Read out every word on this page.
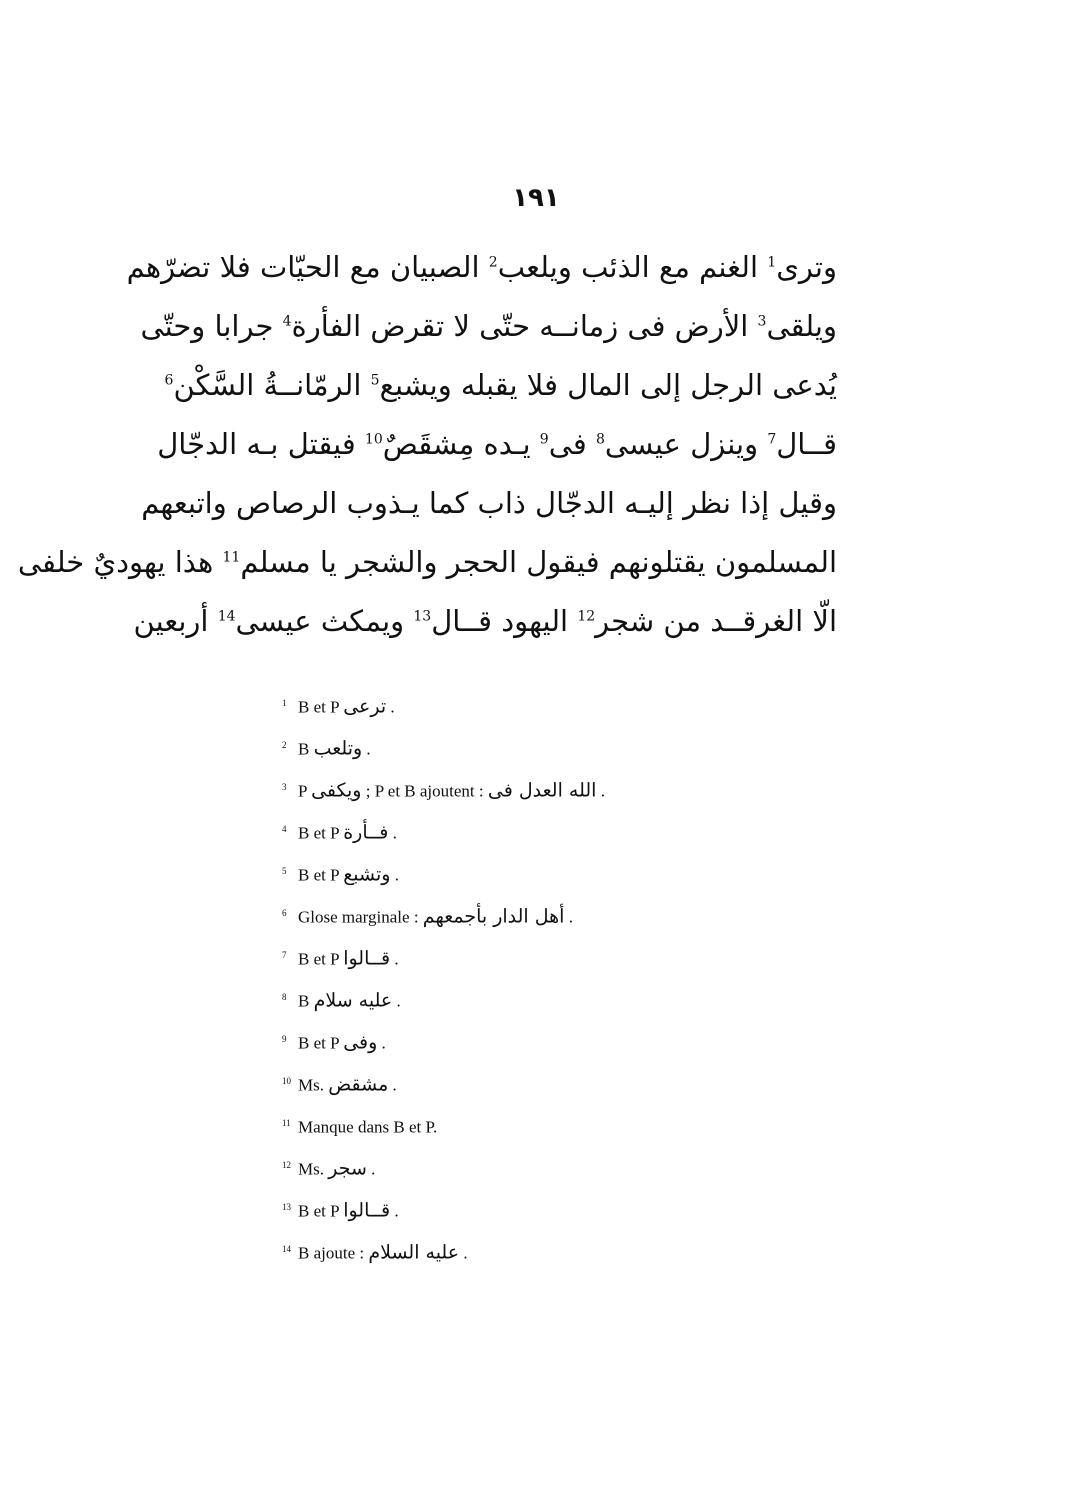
١٩١
وترى$^1$ الغنم مع الذئب ويلعب$^2$ الصبيان مع الحيّات فلا تضرّهم
ويلقى$^3$ الأرض فى زمانــه حتّى لا تقرض الفأرة$^4$ جرابا وحتّى
يُدعى الرجل إلى المال فلا يقبله ويشبع$^5$ الرمّانــةُ السَّكْن$^6$
قــال$^7$ وينزل عيسى$^8$ فى$^9$ يـده مِشقَصٌ$^{10}$ فيقتل بـه الدجّال
وقيل إذا نظر إليـه الدجّال ذاب كما يـذوب الرصاص واتبعهم
المسلمون يقتلونهم فيقول الحجر والشجر يا مسلم$^{11}$ هذا يهوديٌ خلفى
الّا الغرقــد من شجر$^{12}$ اليهود قــال$^{13}$ ويمكث عيسى$^{14}$ أربعين
1 B et P ترعى .
2 B وتلعب .
3 P ويكفى ; P et B ajoutent : الله العدل فى .
4 B et P فــأرة .
5 B et P وتشبع .
6 Glose marginale : أهل الدار بأجمعهم .
7 B et P قــالوا .
8 B عليه سلام .
9 B et P وفى .
10 Ms. مشقض .
11 Manque dans B et P.
12 Ms. سجر .
13 B et P قــالوا .
14 B ajoute : عليه السلام .
